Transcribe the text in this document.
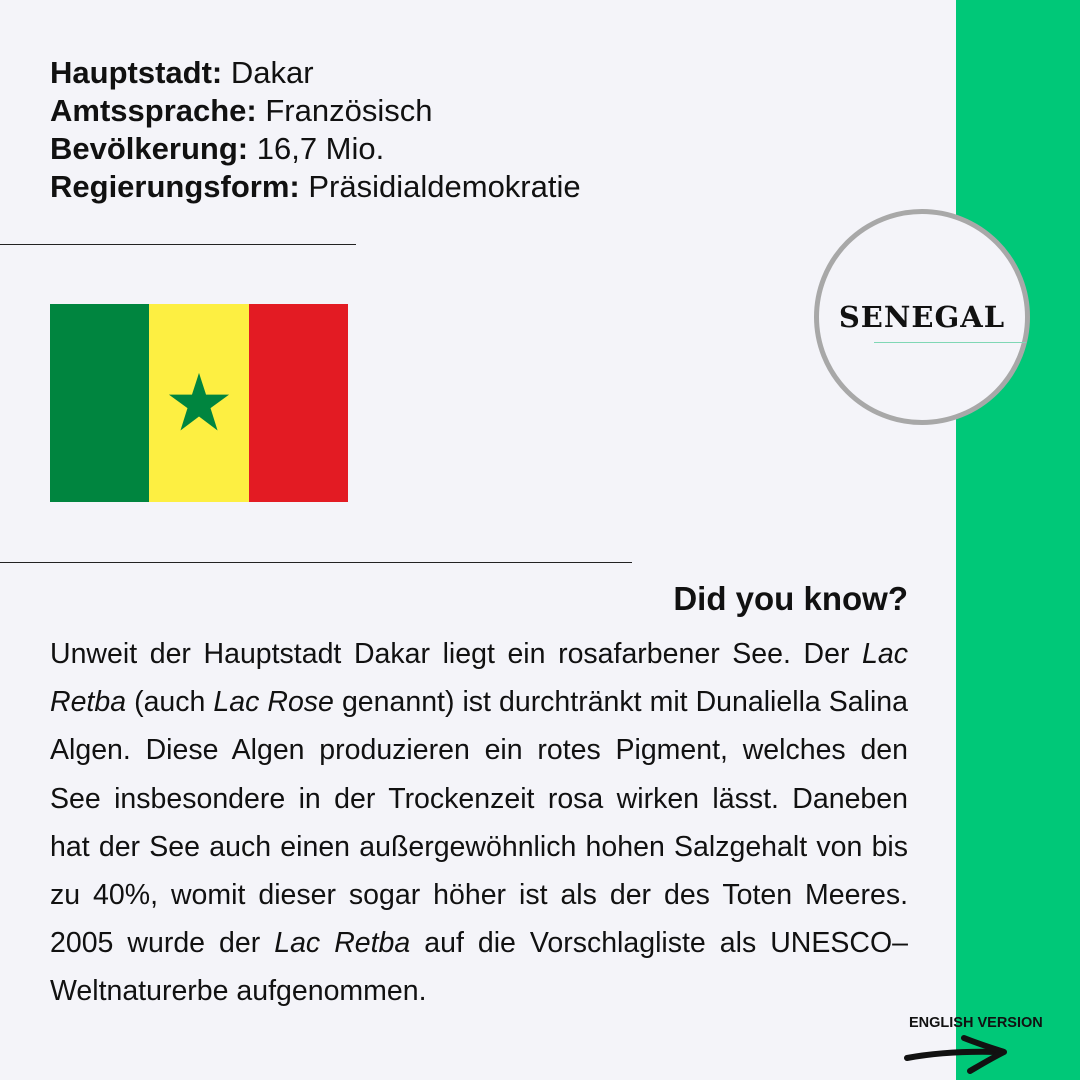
Hauptstadt: Dakar
Amtssprache: Französisch
Bevölkerung: 16,7 Mio.
Regierungsform: Präsidialdemokratie
SENEGAL
Did you know?
Unweit der Hauptstadt Dakar liegt ein rosafarbener See. Der Lac Retba (auch Lac Rose genannt) ist durchtränkt mit Dunaliella Salina Algen. Diese Algen produzieren ein rotes Pigment, welches den See insbesondere in der Trockenzeit rosa wirken lässt. Daneben hat der See auch einen außergewöhnlich hohen Salzgehalt von bis zu 40%, womit dieser sogar höher ist als der des Toten Meeres. 2005 wurde der Lac Retba auf die Vorschlagliste als UNESCO–Weltnaturerbe aufgenommen.
ENGLISH VERSION
